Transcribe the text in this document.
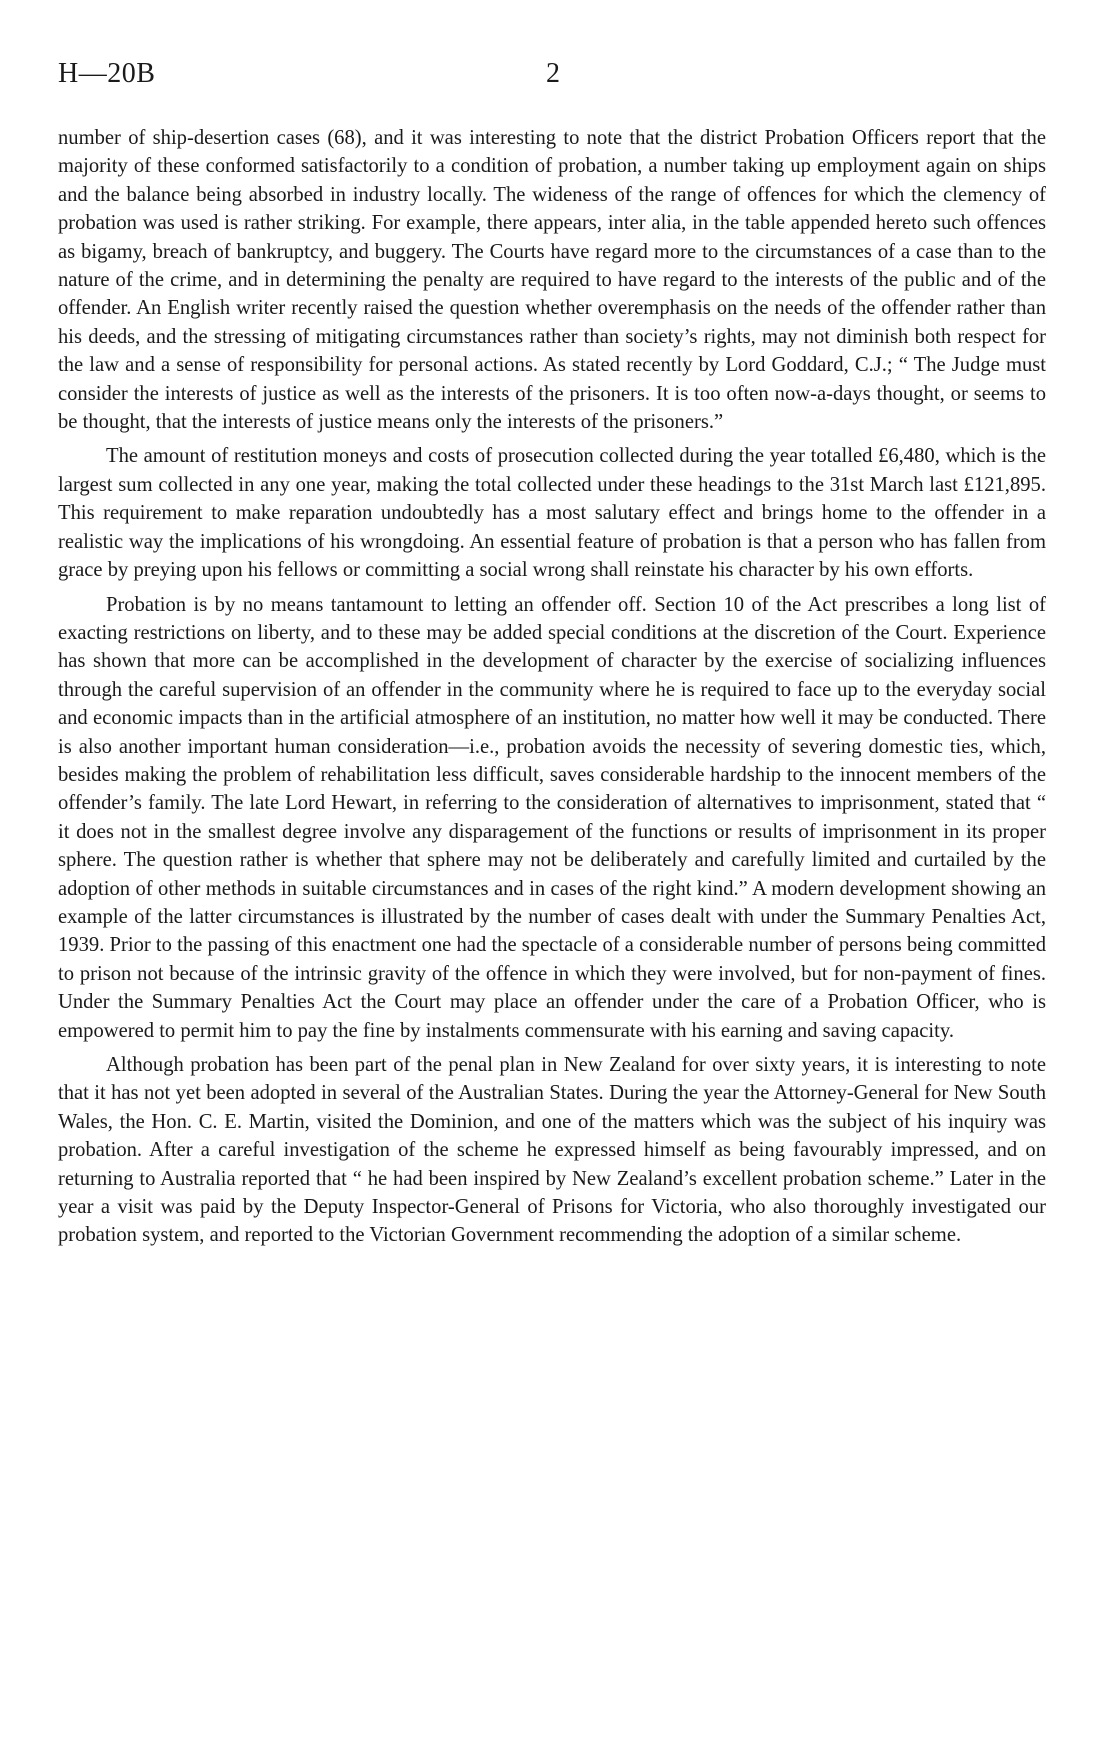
H—20B	2

number of ship-desertion cases (68), and it was interesting to note that the district Probation Officers report that the majority of these conformed satisfactorily to a condition of probation, a number taking up employment again on ships and the balance being absorbed in industry locally. The wideness of the range of offences for which the clemency of probation was used is rather striking. For example, there appears, inter alia, in the table appended hereto such offences as bigamy, breach of bankruptcy, and buggery. The Courts have regard more to the circumstances of a case than to the nature of the crime, and in determining the penalty are required to have regard to the interests of the public and of the offender. An English writer recently raised the question whether overemphasis on the needs of the offender rather than his deeds, and the stressing of mitigating circumstances rather than society’s rights, may not diminish both respect for the law and a sense of responsibility for personal actions. As stated recently by Lord Goddard, C.J.; “ The Judge must consider the interests of justice as well as the interests of the prisoners. It is too often now-a-days thought, or seems to be thought, that the interests of justice means only the interests of the prisoners.”

The amount of restitution moneys and costs of prosecution collected during the year totalled £6,480, which is the largest sum collected in any one year, making the total collected under these headings to the 31st March last £121,895. This requirement to make reparation undoubtedly has a most salutary effect and brings home to the offender in a realistic way the implications of his wrongdoing. An essential feature of probation is that a person who has fallen from grace by preying upon his fellows or committing a social wrong shall reinstate his character by his own efforts.

Probation is by no means tantamount to letting an offender off. Section 10 of the Act prescribes a long list of exacting restrictions on liberty, and to these may be added special conditions at the discretion of the Court. Experience has shown that more can be accomplished in the development of character by the exercise of socializing influences through the careful supervision of an offender in the community where he is required to face up to the everyday social and economic impacts than in the artificial atmosphere of an institution, no matter how well it may be conducted. There is also another important human consideration—i.e., probation avoids the necessity of severing domestic ties, which, besides making the problem of rehabilitation less difficult, saves considerable hardship to the innocent members of the offender’s family. The late Lord Hewart, in referring to the consideration of alternatives to imprisonment, stated that “ it does not in the smallest degree involve any disparagement of the functions or results of imprisonment in its proper sphere. The question rather is whether that sphere may not be deliberately and carefully limited and curtailed by the adoption of other methods in suitable circumstances and in cases of the right kind.” A modern development showing an example of the latter circumstances is illustrated by the number of cases dealt with under the Summary Penalties Act, 1939. Prior to the passing of this enactment one had the spectacle of a considerable number of persons being committed to prison not because of the intrinsic gravity of the offence in which they were involved, but for non-payment of fines. Under the Summary Penalties Act the Court may place an offender under the care of a Probation Officer, who is empowered to permit him to pay the fine by instalments commensurate with his earning and saving capacity.

Although probation has been part of the penal plan in New Zealand for over sixty years, it is interesting to note that it has not yet been adopted in several of the Australian States. During the year the Attorney-General for New South Wales, the Hon. C. E. Martin, visited the Dominion, and one of the matters which was the subject of his inquiry was probation. After a careful investigation of the scheme he expressed himself as being favourably impressed, and on returning to Australia reported that “ he had been inspired by New Zealand’s excellent probation scheme.” Later in the year a visit was paid by the Deputy Inspector-General of Prisons for Victoria, who also thoroughly investigated our probation system, and reported to the Victorian Government recommending the adoption of a similar scheme.
